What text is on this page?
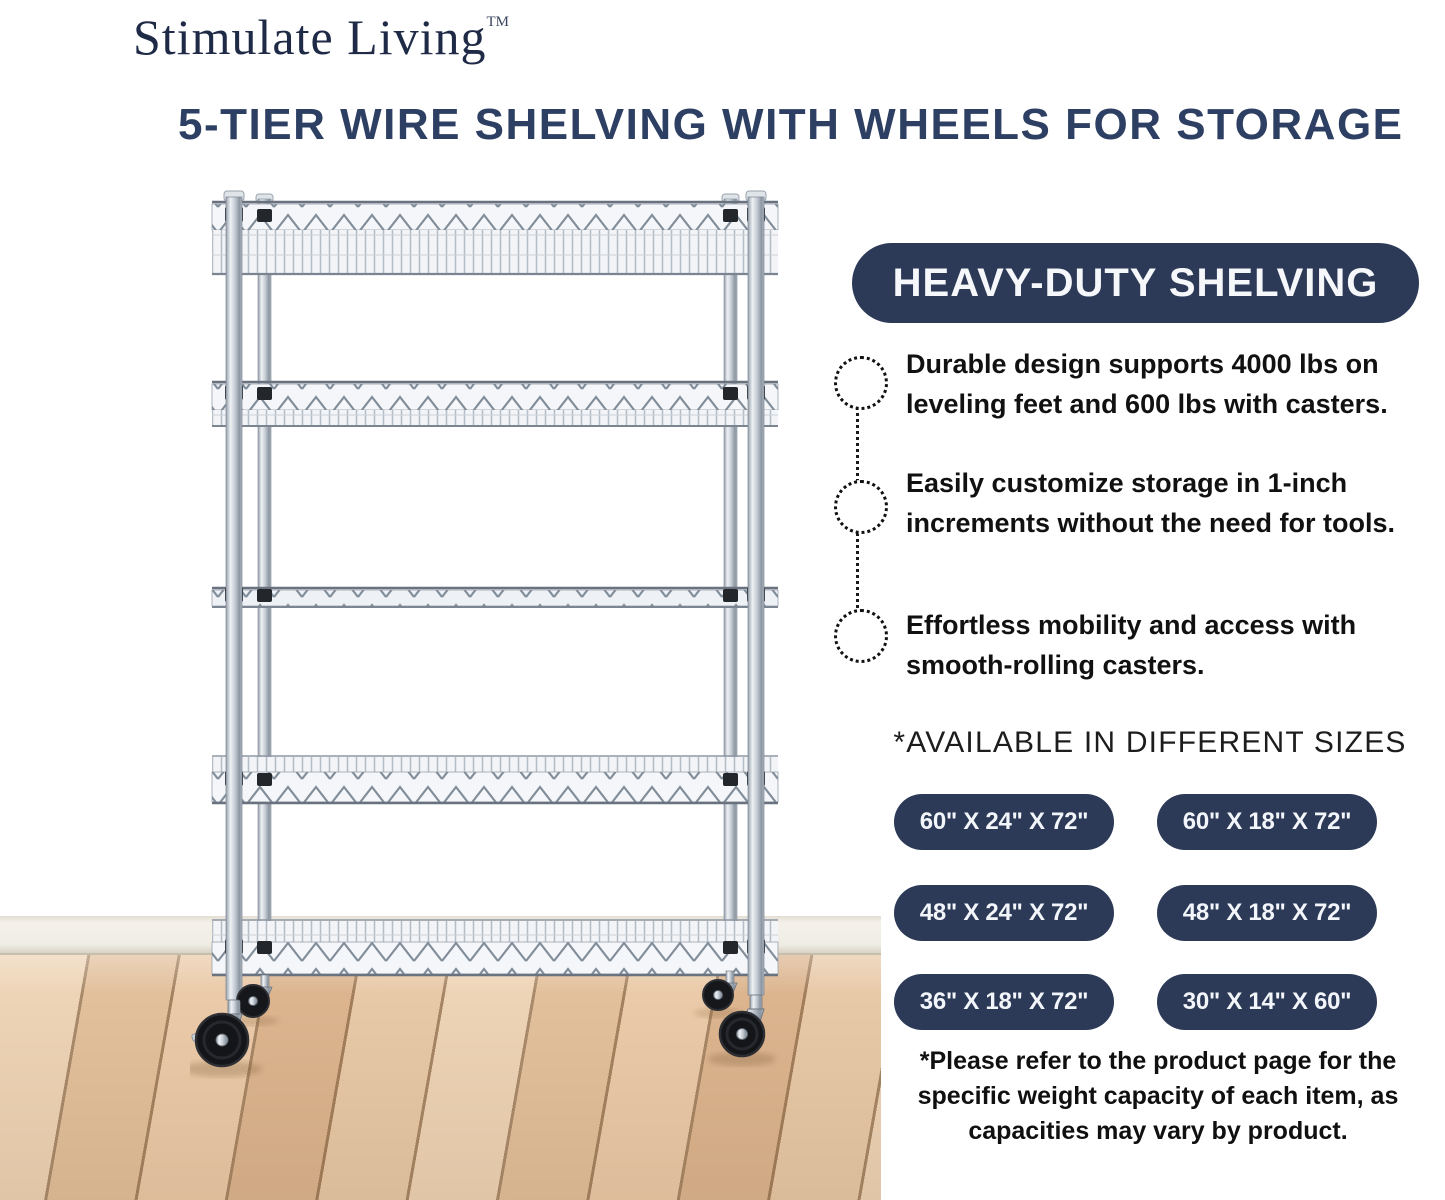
Stimulate Living™
5-TIER WIRE SHELVING WITH WHEELS FOR STORAGE
HEAVY-DUTY SHELVING
Durable design supports 4000 lbs on
leveling feet and 600 lbs with casters.
Easily customize storage in 1-inch
increments without the need for tools.
Effortless mobility and access with
smooth-rolling casters.
*AVAILABLE IN DIFFERENT SIZES
60" X 24" X 72"	60" X 18" X 72"
48" X 24" X 72"	48" X 18" X 72"
36" X 18" X 72"	30" X 14" X 60"
*Please refer to the product page for the
specific weight capacity of each item, as
capacities may vary by product.
